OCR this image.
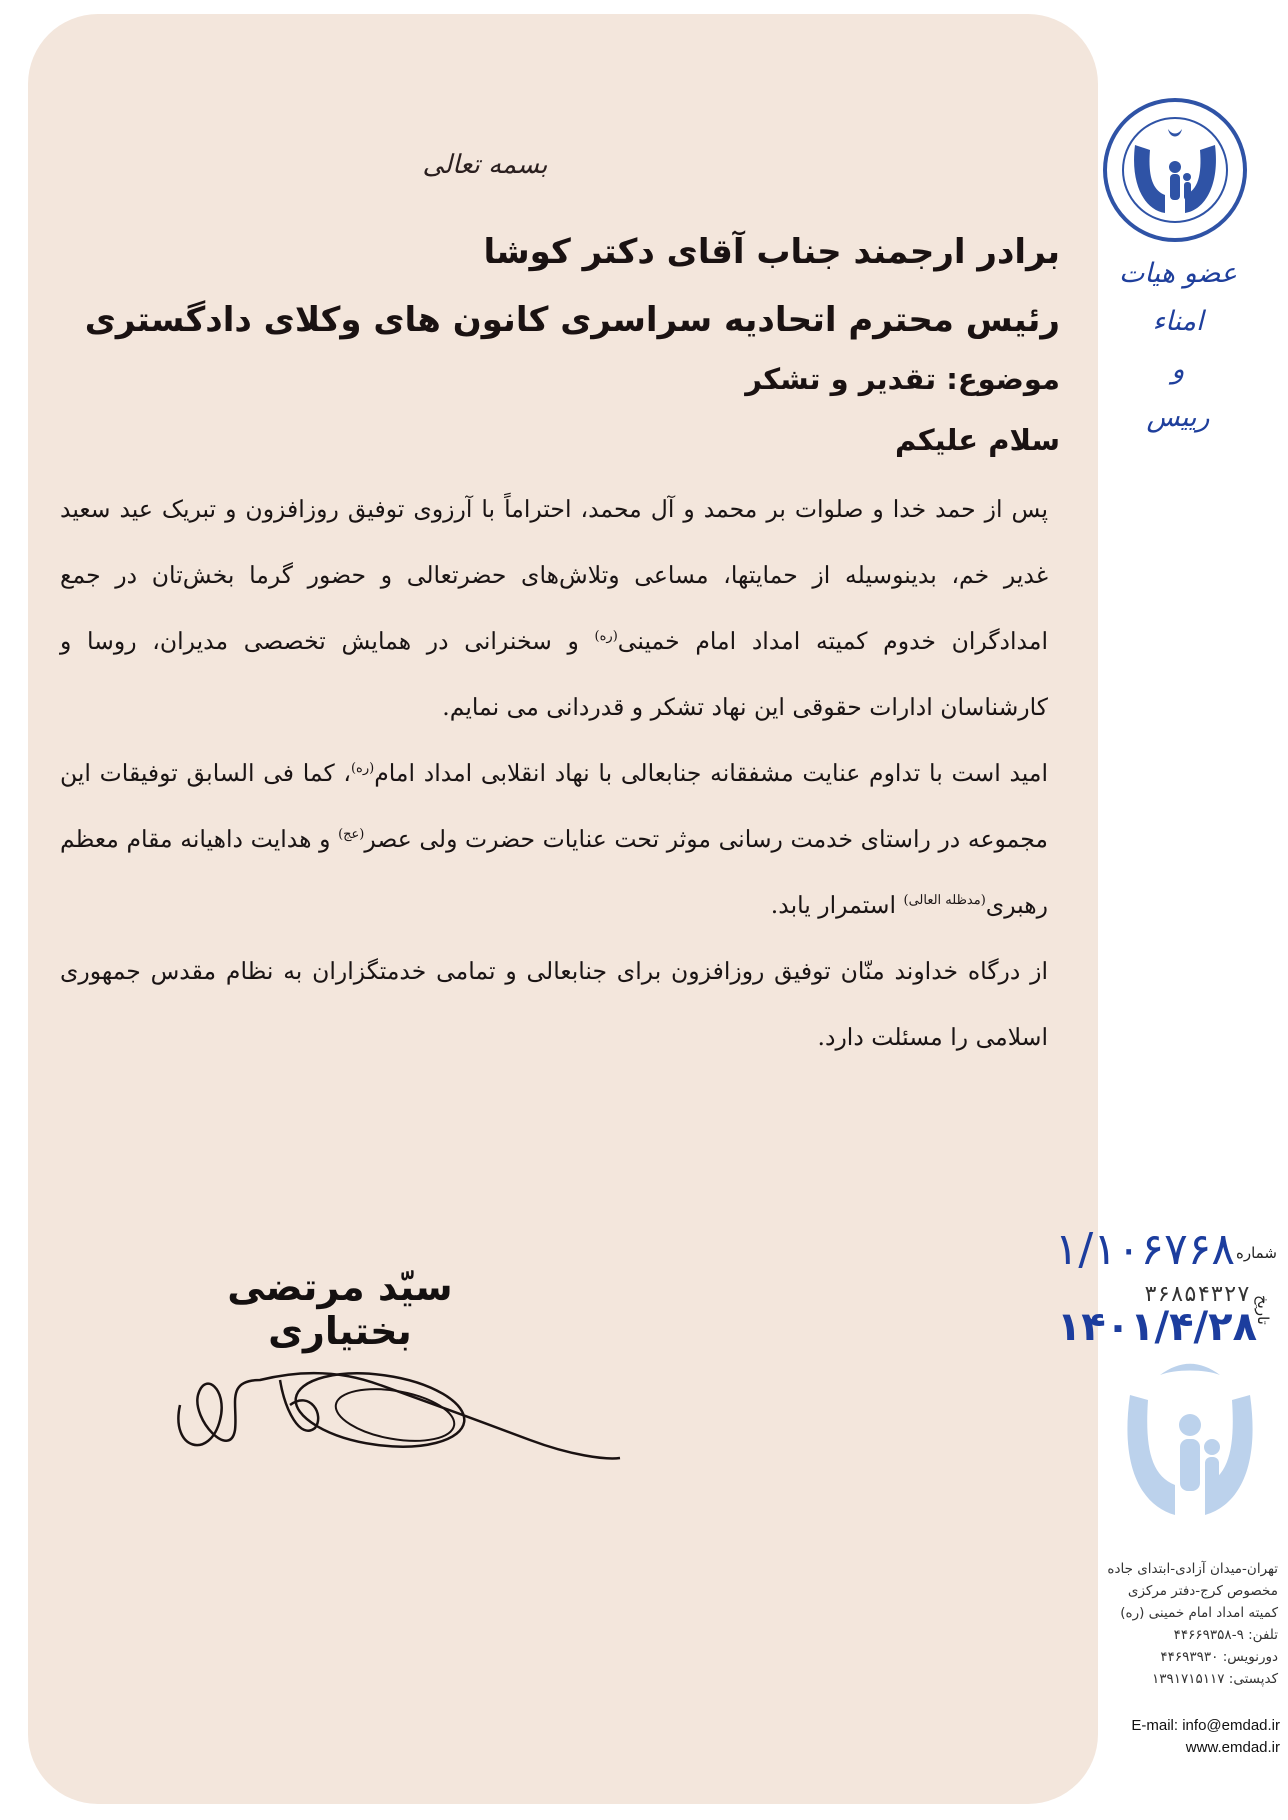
بسمه تعالی
برادر ارجمند جناب آقای دکتر کوشا
رئیس محترم اتحادیه سراسری کانون های وکلای دادگستری
موضوع: تقدیر و تشکر
سلام علیکم

پس از حمد خدا و صلوات بر محمد و آل محمد، احتراماً با آرزوی توفیق روزافزون و تبریک عید سعید غدیر خم، بدینوسیله از حمایتها، مساعی وتلاش‌های حضرتعالی و حضور گرما بخش‌تان در جمع امدادگران خدوم کمیته امداد امام خمینی$^{(ره)}$ و سخنرانی در همایش تخصصی مدیران، روسا و کارشناسان ادارات حقوقی این نهاد تشکر و قدردانی می نمایم.

امید است با تداوم عنایت مشفقانه جنابعالی با نهاد انقلابی امداد امام$^{(ره)}$، کما فی السابق توفیقات این مجموعه در راستای خدمت رسانی موثر تحت عنایات حضرت ولی عصر$^{(عج)}$ و هدایت داهیانه مقام معظم رهبری$^{(مدظله العالی)}$ استمرار یابد.

از درگاه خداوند منّان توفیق روزافزون برای جنابعالی و تمامی خدمتگزاران به نظام مقدس جمهوری اسلامی را مسئلت دارد.

سیّد مرتضی بختیاری
عضو هیات امناء
و
رییس
شماره
۱/۱۰۶۷۶۸
تاریخ
۳۶۸۵۴۳۲۷
۱۴۰۱/۴/۲۸
تهران-میدان آزادی-ابتدای جاده
مخصوص کرج-دفتر مرکزی
کمیته امداد امام خمینی (ره)
تلفن: ۹-۴۴۶۶۹۳۵۸
دورنویس: ۴۴۶۹۳۹۳۰
کدپستی: ۱۳۹۱۷۱۵۱۱۷
E-mail: info@emdad.ir
www.emdad.ir
